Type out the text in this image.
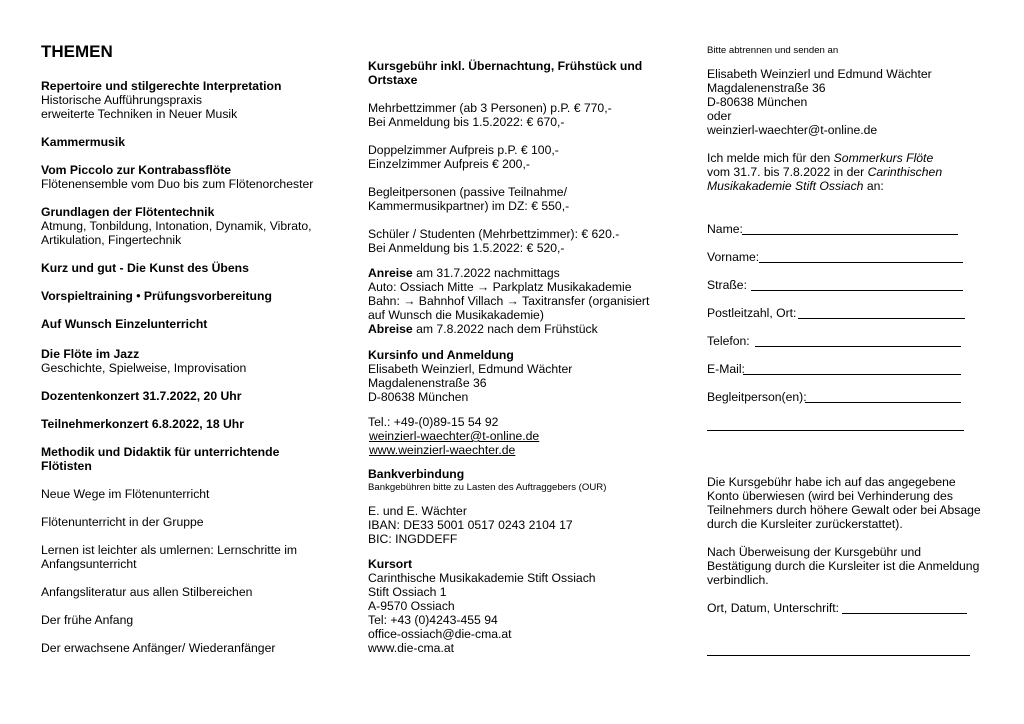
THEMEN
Repertoire und stilgerechte Interpretation
Historische Aufführungspraxis
erweiterte Techniken in Neuer Musik
Kammermusik
Vom Piccolo zur Kontrabassflöte
Flötenensemble vom Duo bis zum Flötenorchester
Grundlagen der Flötentechnik
Atmung, Tonbildung, Intonation, Dynamik, Vibrato,
Artikulation, Fingertechnik
Kurz und gut - Die Kunst des Übens
Vorspieltraining • Prüfungsvorbereitung
Auf Wunsch Einzelunterricht
Die Flöte im Jazz
Geschichte, Spielweise, Improvisation
Dozentenkonzert 31.7.2022, 20 Uhr
Teilnehmerkonzert 6.8.2022, 18 Uhr
Methodik und Didaktik für unterrichtende
Flötisten
Neue Wege im Flötenunterricht
Flötenunterricht in der Gruppe
Lernen ist leichter als umlernen: Lernschritte im
Anfangsunterricht
Anfangsliteratur aus allen Stilbereichen
Der frühe Anfang
Der erwachsene Anfänger/ Wiederanfänger
Kursgebühr inkl. Übernachtung, Frühstück und
Ortstaxe
Mehrbettzimmer (ab 3 Personen) p.P. € 770,-
Bei Anmeldung bis 1.5.2022: € 670,-
Doppelzimmer Aufpreis p.P. € 100,-
Einzelzimmer Aufpreis € 200,-
Begleitpersonen (passive Teilnahme/
Kammermusikpartner) im DZ: € 550,-
Schüler / Studenten (Mehrbettzimmer): € 620.-
Bei Anmeldung bis 1.5.2022: € 520,-
Anreise am 31.7.2022 nachmittags
Auto: Ossiach Mitte → Parkplatz Musikakademie
Bahn: → Bahnhof Villach → Taxitransfer (organisiert
auf Wunsch die Musikakademie)
Abreise am 7.8.2022 nach dem Frühstück
Kursinfo und Anmeldung
Elisabeth Weinzierl, Edmund Wächter
Magdalenenstraße 36
D-80638 München
Tel.: +49-(0)89-15 54 92
weinzierl-waechter@t-online.de
www.weinzierl-waechter.de
Bankverbindung
Bankgebühren bitte zu Lasten des Auftraggebers (OUR)
E. und E. Wächter
IBAN: DE33 5001 0517 0243 2104 17
BIC: INGDDEFF
Kursort
Carinthische Musikakademie Stift Ossiach
Stift Ossiach 1
A-9570 Ossiach
Tel: +43 (0)4243-455 94
office-ossiach@die-cma.at
www.die-cma.at
Bitte abtrennen und senden an
Elisabeth Weinzierl und Edmund Wächter
Magdalenenstraße 36
D-80638 München
oder
weinzierl-waechter@t-online.de
Ich melde mich für den Sommerkurs Flöte
vom 31.7. bis 7.8.2022 in der Carinthischen
Musikakademie Stift Ossiach an:
Name:
Vorname:
Straße:
Postleitzahl, Ort:
Telefon:
E-Mail:
Begleitperson(en):
Die Kursgebühr habe ich auf das angegebene
Konto überwiesen (wird bei Verhinderung des
Teilnehmers durch höhere Gewalt oder bei Absage
durch die Kursleiter zurückerstattet).
Nach Überweisung der Kursgebühr und
Bestätigung durch die Kursleiter ist die Anmeldung
verbindlich.
Ort, Datum, Unterschrift:
